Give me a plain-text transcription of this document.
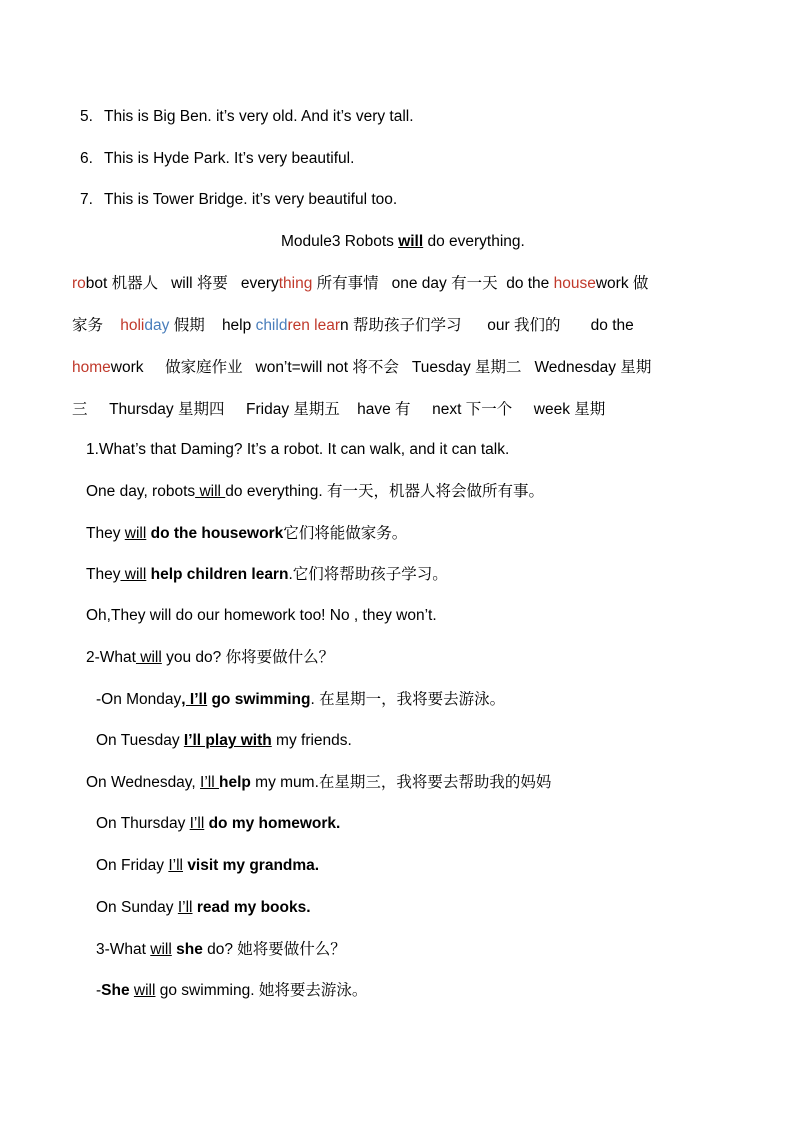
5. This is Big Ben. it’s very old. And it’s very tall.
6. This is Hyde Park. It’s very beautiful.
7. This is Tower Bridge. it’s very beautiful too.
Module3 Robots will do everything.
robot 机器人 will 将要 everything 所有事情 one day 有一天 do the housework 做
家务 holiday 假期 help children learn 帮助孩子们学习 our 我们的 do the
homework 做家庭作业 won’t=will not 将不会 Tuesday 星期二 Wednesday 星期
三 Thursday 星期四 Friday 星期五 have 有 next 下一个 week 星期
1.What’s that Daming? It’s a robot. It can walk, and it can talk.
One day, robots will do everything. 有一天，机器人将会做所有事。
They will do the housework它们将能做家务。
They will help children learn.它们将帮助孩子学习。
Oh,They will do our homework too! No , they won’t.
2-What will you do? 你将要做什么？
-On Monday, I’ll go swimming. 在星期一，我将要去游泳。
On Tuesday I’ll play with my friends.
On Wednesday, I’ll help my mum.在星期三，我将要去帮助我的妈妈
On Thursday I’ll do my homework.
On Friday I’ll visit my grandma.
On Sunday I’ll read my books.
3-What will she do? 她将要做什么？
-She will go swimming. 她将要去游泳。
